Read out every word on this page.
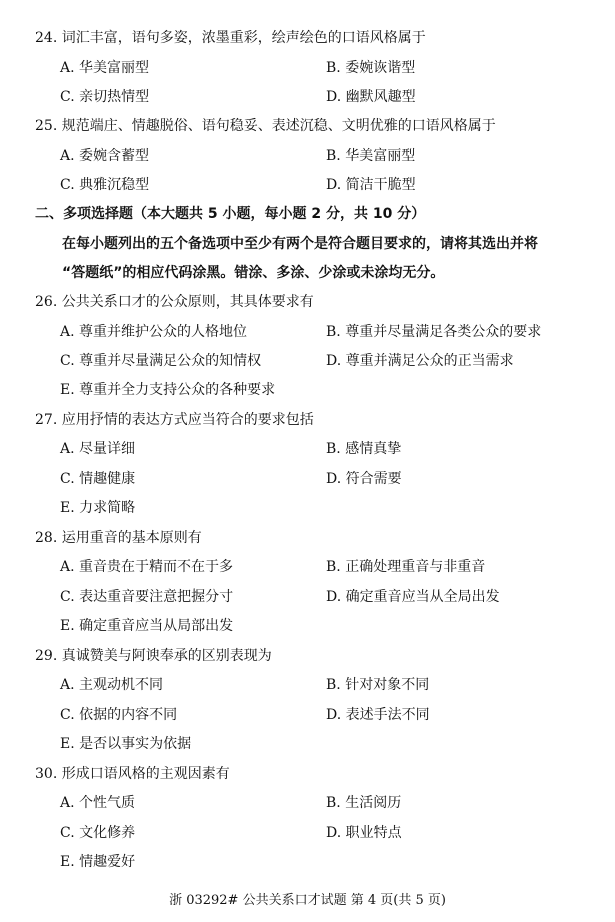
24. 词汇丰富，语句多姿，浓墨重彩，绘声绘色的口语风格属于
A. 华美富丽型	B. 委婉诙谐型
C. 亲切热情型	D. 幽默风趣型
25. 规范端庄、情趣脱俗、语句稳妥、表述沉稳、文明优雅的口语风格属于
A. 委婉含蓄型	B. 华美富丽型
C. 典雅沉稳型	D. 简洁干脆型
二、多项选择题（本大题共 5 小题，每小题 2 分，共 10 分）
在每小题列出的五个备选项中至少有两个是符合题目要求的，请将其选出并将
“答题纸”的相应代码涂黑。错涂、多涂、少涂或未涂均无分。
26. 公共关系口才的公众原则，其具体要求有
A. 尊重并维护公众的人格地位	B. 尊重并尽量满足各类公众的要求
C. 尊重并尽量满足公众的知情权	D. 尊重并满足公众的正当需求
E. 尊重并全力支持公众的各种要求
27. 应用抒情的表达方式应当符合的要求包括
A. 尽量详细	B. 感情真挚
C. 情趣健康	D. 符合需要
E. 力求简略
28. 运用重音的基本原则有
A. 重音贵在于精而不在于多	B. 正确处理重音与非重音
C. 表达重音要注意把握分寸	D. 确定重音应当从全局出发
E. 确定重音应当从局部出发
29. 真诚赞美与阿谀奉承的区别表现为
A. 主观动机不同	B. 针对对象不同
C. 依据的内容不同	D. 表述手法不同
E. 是否以事实为依据
30. 形成口语风格的主观因素有
A. 个性气质	B. 生活阅历
C. 文化修养	D. 职业特点
E. 情趣爱好
浙 03292# 公共关系口才试题 第 4 页(共 5 页)
